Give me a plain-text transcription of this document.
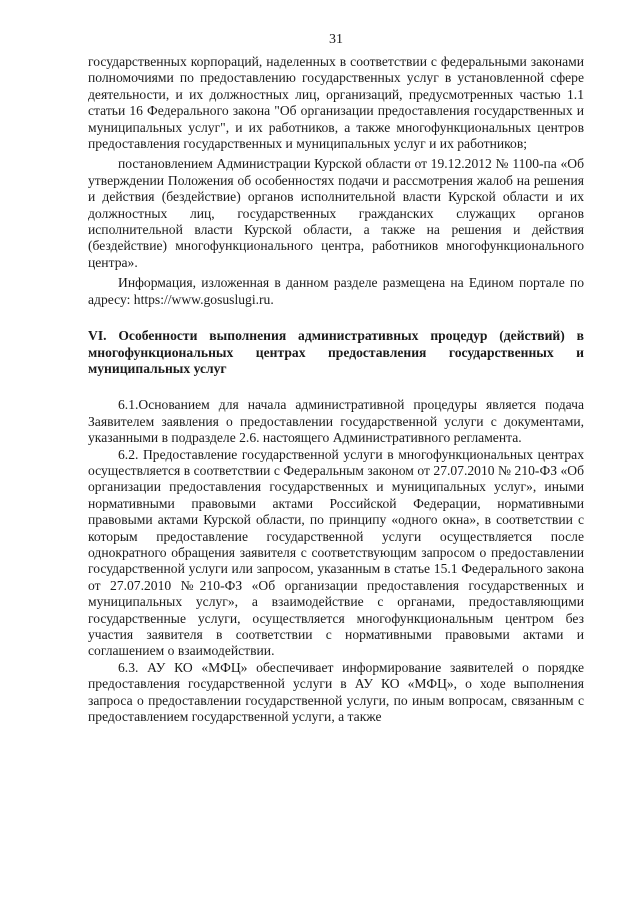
31

государственных корпораций, наделенных в соответствии с федеральными законами полномочиями по предоставлению государственных услуг в установленной сфере деятельности, и их должностных лиц, организаций, предусмотренных частью 1.1 статьи 16 Федерального закона "Об организации предоставления государственных и муниципальных услуг", и их работников, а также многофункциональных центров предоставления государственных и муниципальных услуг и их работников;

постановлением Администрации Курской области от 19.12.2012 № 1100-па «Об утверждении Положения об особенностях подачи и рассмотрения жалоб на решения и действия (бездействие) органов исполнительной власти Курской области и их должностных лиц, государственных гражданских служащих органов исполнительной власти Курской области, а также на решения и действия (бездействие) многофункционального центра, работников многофункционального центра».

Информация, изложенная в данном разделе размещена на Едином портале по адресу: https://www.gosuslugi.ru.

VI. Особенности выполнения административных процедур (действий) в многофункциональных центрах предоставления государственных и муниципальных услуг

6.1.Основанием для начала административной процедуры является подача Заявителем заявления о предоставлении государственной услуги с документами, указанными в подразделе 2.6. настоящего Административного регламента.

6.2. Предоставление государственной услуги в многофункциональных центрах осуществляется в соответствии с Федеральным законом от 27.07.2010 № 210-ФЗ «Об организации предоставления государственных и муниципальных услуг», иными нормативными правовыми актами Российской Федерации, нормативными правовыми актами Курской области, по принципу «одного окна», в соответствии с которым предоставление государственной услуги осуществляется после однократного обращения заявителя с соответствующим запросом о предоставлении государственной услуги или запросом, указанным в статье 15.1 Федерального закона от 27.07.2010 №210-ФЗ «Об организации предоставления государственных и муниципальных услуг», а взаимодействие с органами, предоставляющими государственные услуги, осуществляется многофункциональным центром без участия заявителя в соответствии с нормативными правовыми актами и соглашением о взаимодействии.

6.3. АУ КО «МФЦ» обеспечивает информирование заявителей о порядке предоставления государственной услуги в АУ КО «МФЦ», о ходе выполнения запроса о предоставлении государственной услуги, по иным вопросам, связанным с предоставлением государственной услуги, а также
